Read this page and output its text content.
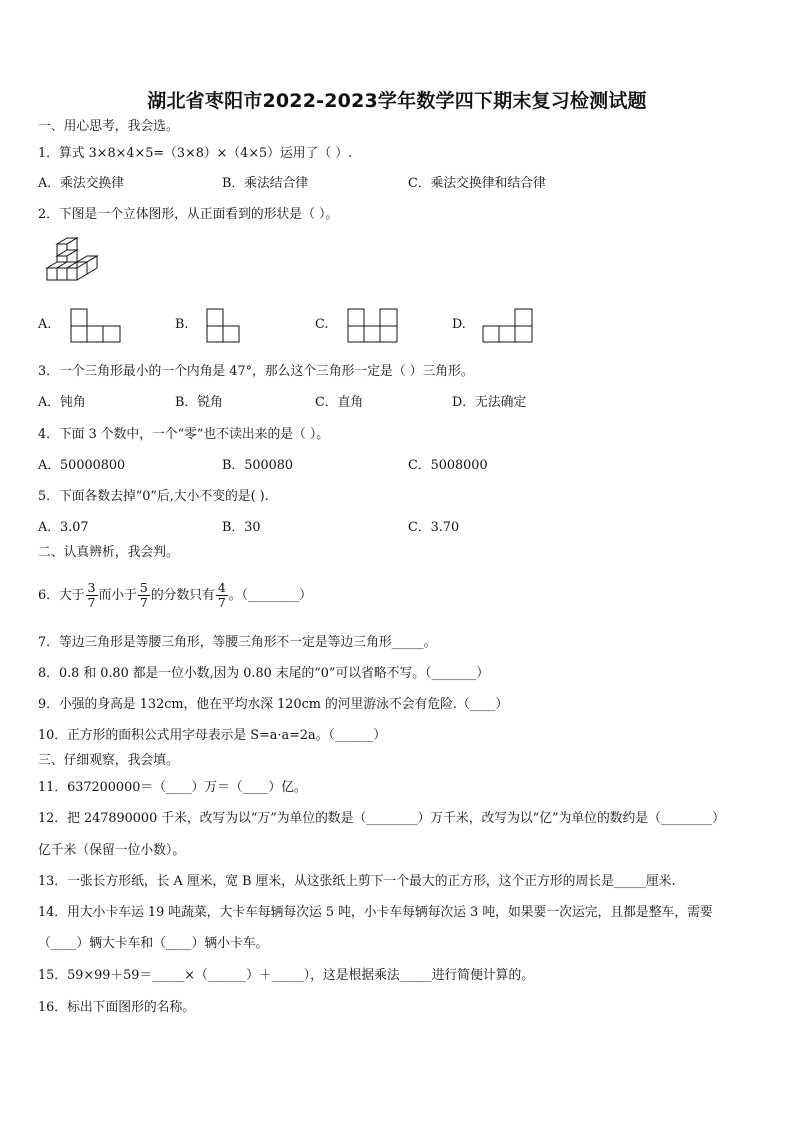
湖北省枣阳市2022-2023学年数学四下期末复习检测试题
一、用心思考，我会选。
1．算式 3×8×4×5=（3×8）×（4×5）运用了（ ）.
A．乘法交换律	B．乘法结合律	C．乘法交换律和结合律
2．下图是一个立体图形，从正面看到的形状是（ ）。
A.	B.	C.	D.
3．一个三角形最小的一个内角是 47°，那么这个三角形一定是（ ）三角形。
A．钝角	B．锐角	C．直角	D．无法确定
4．下面 3 个数中，一个“零”也不读出来的是（ ）。
A．50000800	B．500080	C．5008000
5．下面各数去掉“0”后,大小不变的是( ).
A．3.07	B．30	C．3.70
二、认真辨析，我会判。
6．大于 $\frac{3}{7}$ 而小于 $\frac{5}{7}$ 的分数只有 $\frac{4}{7}$ 。（________）
7．等边三角形是等腰三角形，等腰三角形不一定是等边三角形_____。
8．0.8 和 0.80 都是一位小数,因为 0.80 末尾的“0”可以省略不写。（_______）
9．小强的身高是 132cm，他在平均水深 120cm 的河里游泳不会有危险.（____）
10．正方形的面积公式用字母表示是 S=a·a=2a。（______）
三、仔细观察，我会填。
11．637200000＝（____）万＝（____）亿。
12．把 247890000 千米，改写为以“万”为单位的数是（________）万千米，改写为以“亿”为单位的数约是（________）
亿千米（保留一位小数）。
13．一张长方形纸，长 A 厘米，宽 B 厘米，从这张纸上剪下一个最大的正方形，这个正方形的周长是_____厘米.
14．用大小卡车运 19 吨蔬菜，大卡车每辆每次运 5 吨，小卡车每辆每次运 3 吨，如果要一次运完，且都是整车，需要
（____）辆大卡车和（____）辆小卡车。
15．59×99＋59＝_____×（______）＋_____），这是根据乘法_____进行简便计算的。
16．标出下面图形的名称。
